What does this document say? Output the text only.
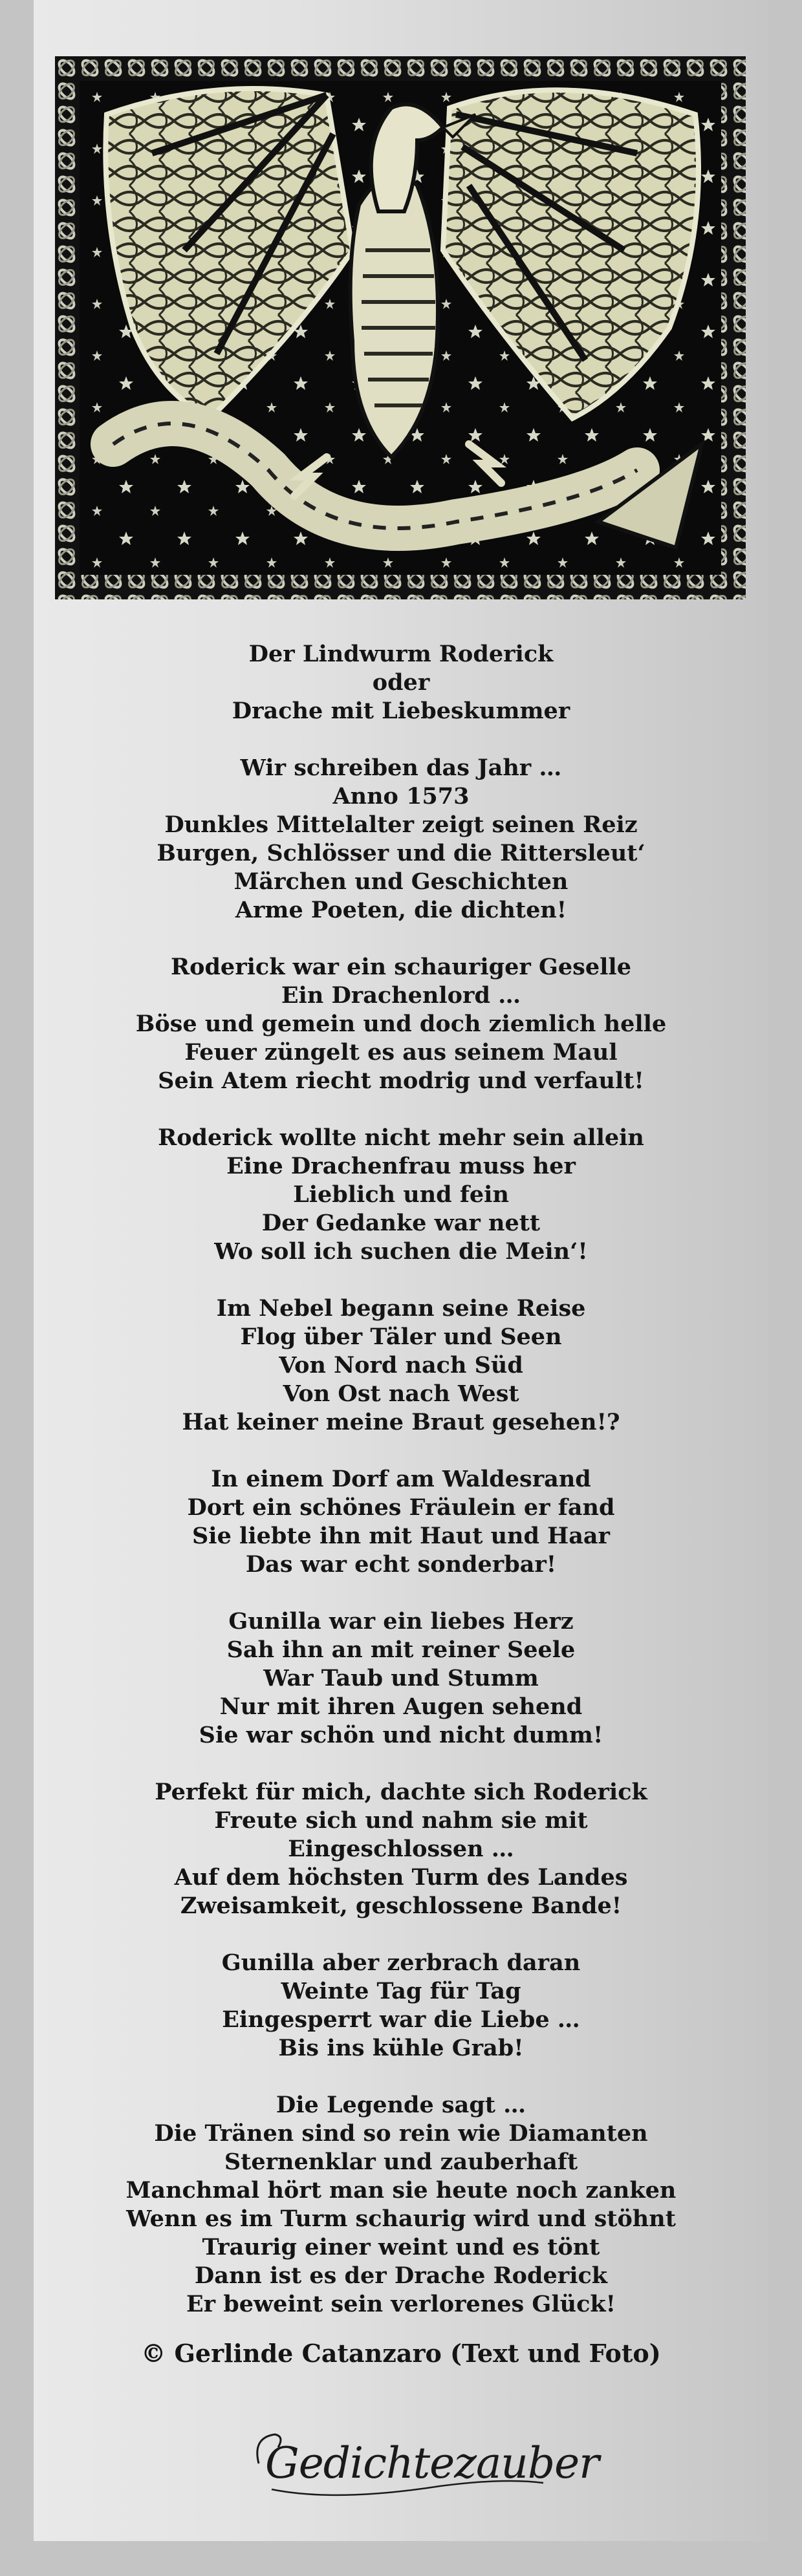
Der Lindwurm Roderick
oder
Drache mit Liebeskummer
Wir schreiben das Jahr …
Anno 1573
Dunkles Mittelalter zeigt seinen Reiz
Burgen, Schlösser und die Rittersleut‘
Märchen und Geschichten
Arme Poeten, die dichten!
Roderick war ein schauriger Geselle
Ein Drachenlord …
Böse und gemein und doch ziemlich helle
Feuer züngelt es aus seinem Maul
Sein Atem riecht modrig und verfault!
Roderick wollte nicht mehr sein allein
Eine Drachenfrau muss her
Lieblich und fein
Der Gedanke war nett
Wo soll ich suchen die Mein‘!
Im Nebel begann seine Reise
Flog über Täler und Seen
Von Nord nach Süd
Von Ost nach West
Hat keiner meine Braut gesehen!?
In einem Dorf am Waldesrand
Dort ein schönes Fräulein er fand
Sie liebte ihn mit Haut und Haar
Das war echt sonderbar!
Gunilla war ein liebes Herz
Sah ihn an mit reiner Seele
War Taub und Stumm
Nur mit ihren Augen sehend
Sie war schön und nicht dumm!
Perfekt für mich, dachte sich Roderick
Freute sich und nahm sie mit
Eingeschlossen …
Auf dem höchsten Turm des Landes
Zweisamkeit, geschlossene Bande!
Gunilla aber zerbrach daran
Weinte Tag für Tag
Eingesperrt war die Liebe …
Bis ins kühle Grab!
Die Legende sagt …
Die Tränen sind so rein wie Diamanten
Sternenklar und zauberhaft
Manchmal hört man sie heute noch zanken
Wenn es im Turm schaurig wird und stöhnt
Traurig einer weint und es tönt
Dann ist es der Drache Roderick
Er beweint sein verlorenes Glück!
© Gerlinde Catanzaro (Text und Foto)
Gedichtezauber
